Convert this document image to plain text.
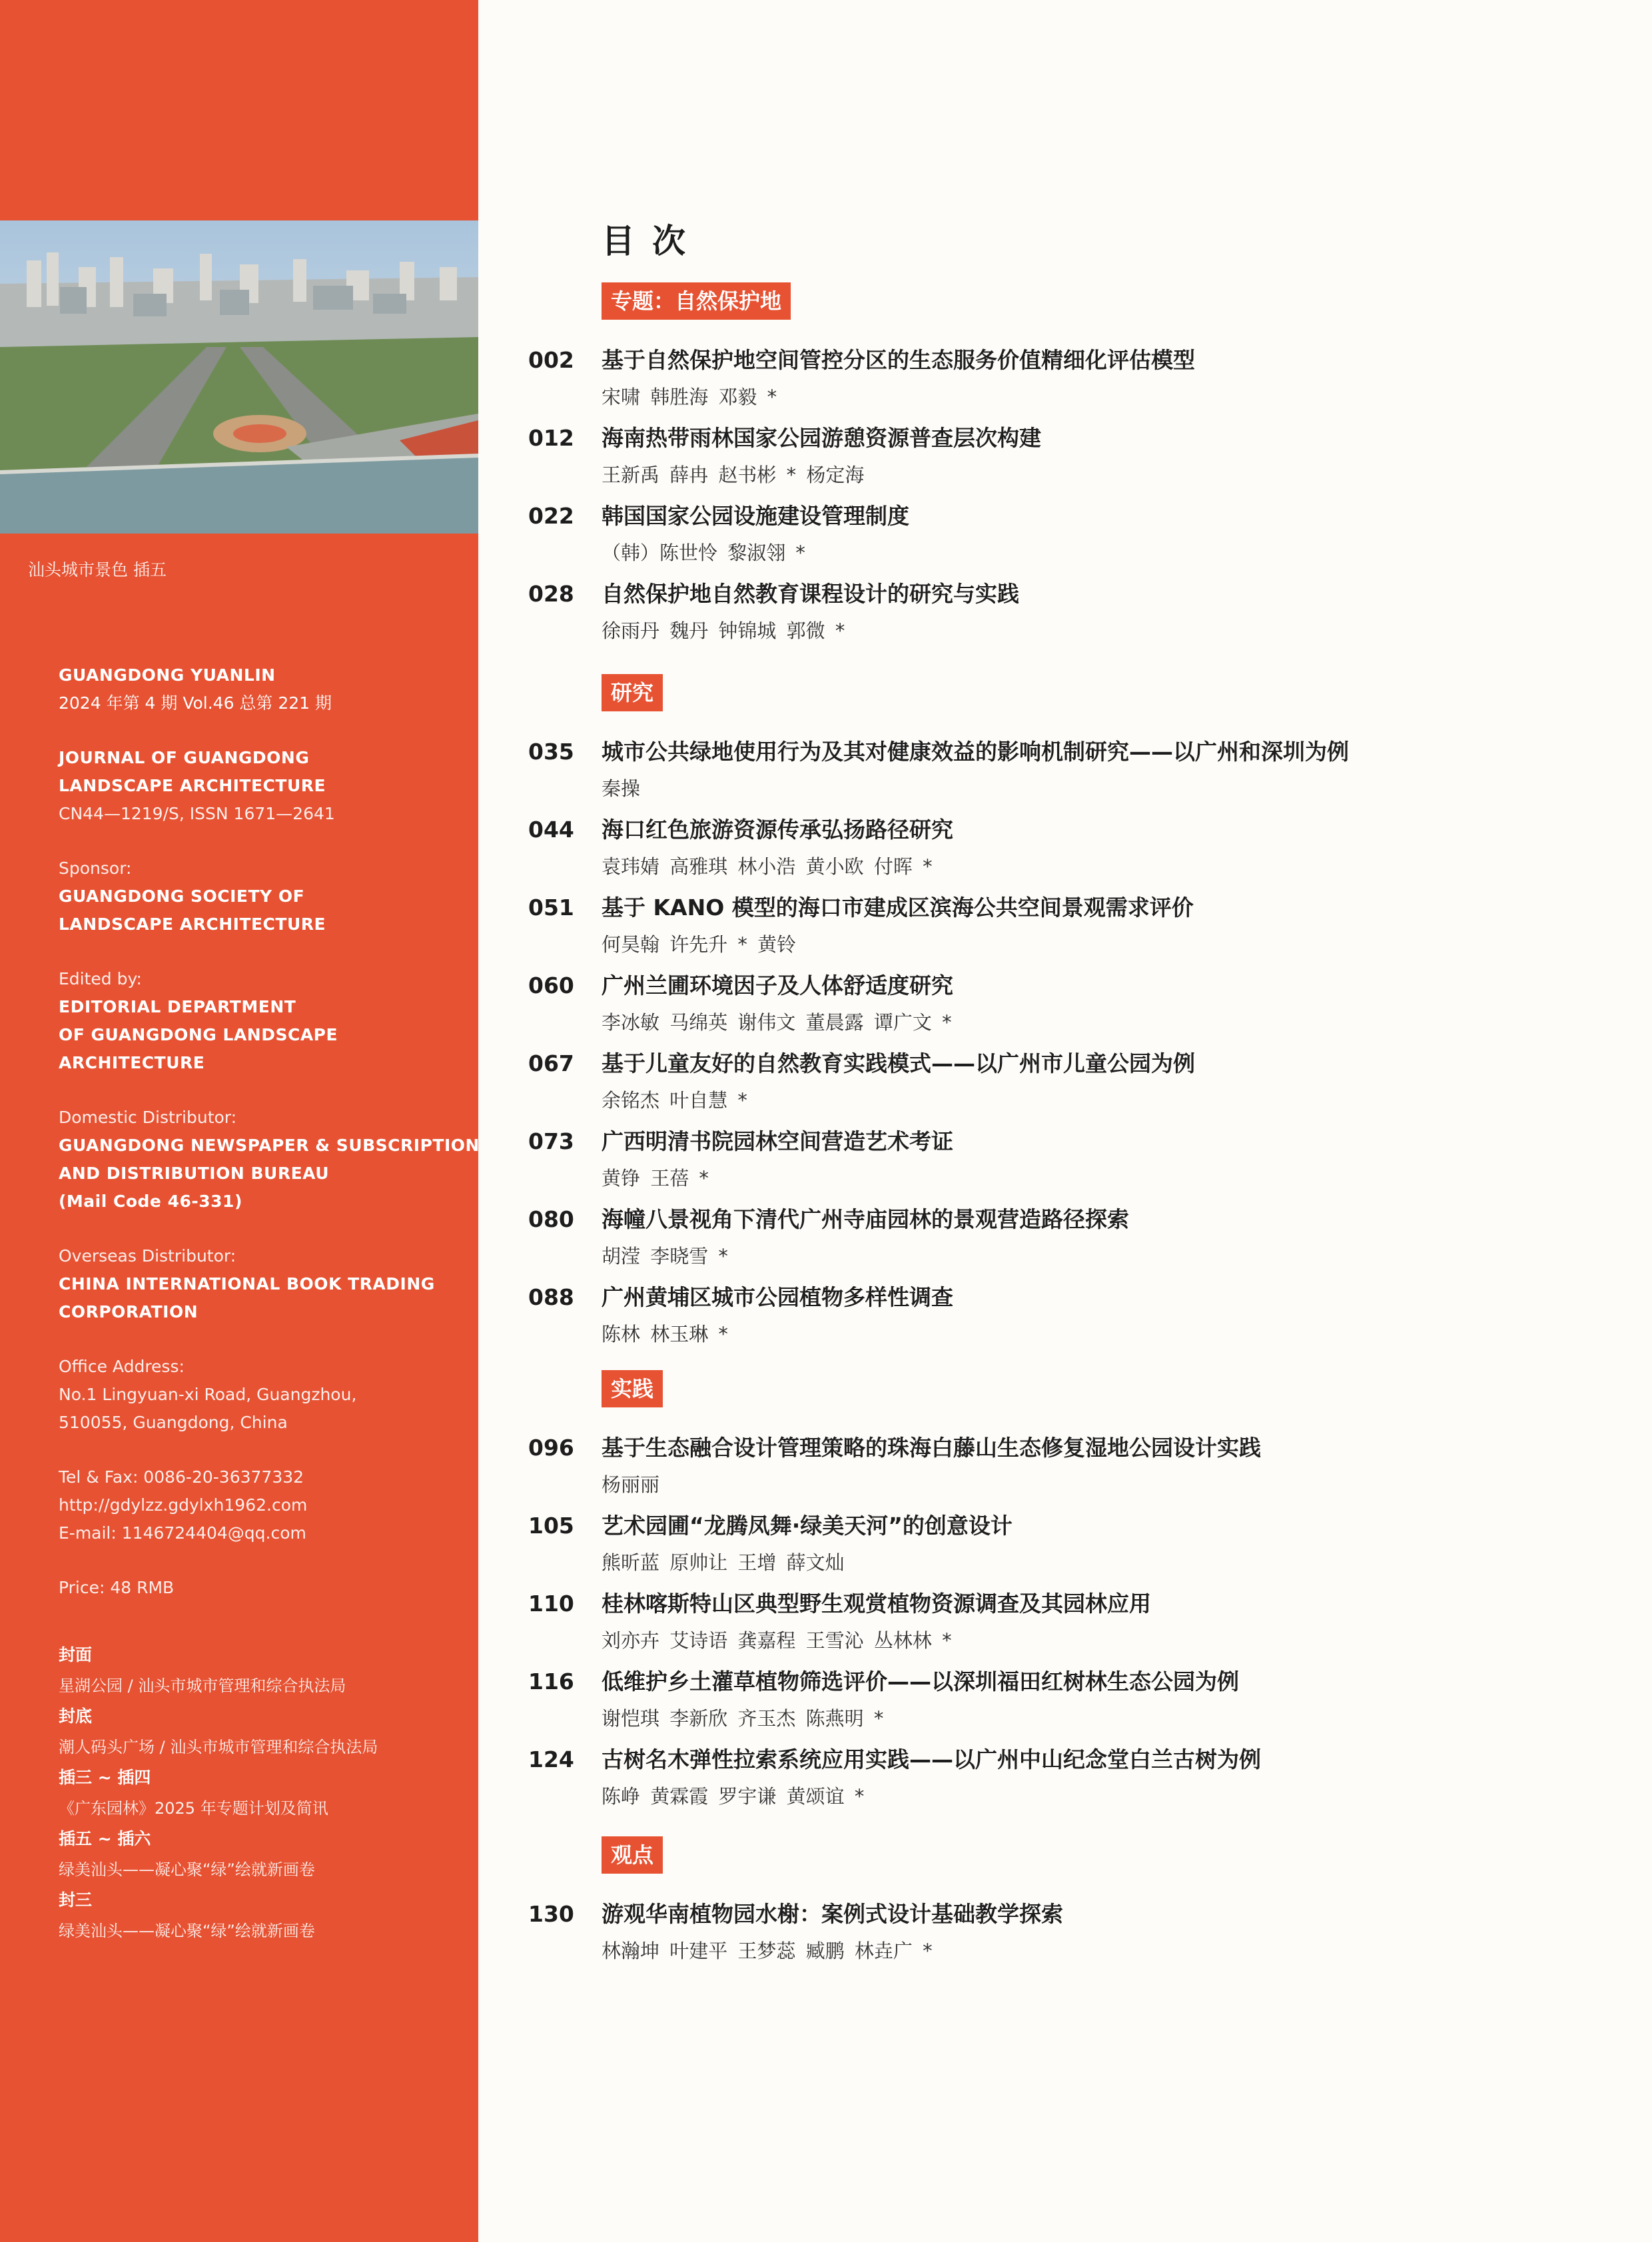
汕头城市景色 插五
GUANGDONG YUANLIN
2024 年第 4 期 Vol.46 总第 221 期
JOURNAL OF GUANGDONG
LANDSCAPE ARCHITECTURE
CN44—1219/S, ISSN 1671—2641
Sponsor:
GUANGDONG SOCIETY OF
LANDSCAPE ARCHITECTURE
Edited by:
EDITORIAL DEPARTMENT
OF GUANGDONG LANDSCAPE
ARCHITECTURE
Domestic Distributor:
GUANGDONG NEWSPAPER & SUBSCRIPTION
AND DISTRIBUTION BUREAU
(Mail Code 46-331)
Overseas Distributor:
CHINA INTERNATIONAL BOOK TRADING
CORPORATION
Office Address:
No.1 Lingyuan-xi Road, Guangzhou,
510055, Guangdong, China
Tel & Fax: 0086-20-36377332
http://gdylzz.gdylxh1962.com
E-mail: 1146724404@qq.com
Price: 48 RMB
封面
星湖公园 / 汕头市城市管理和综合执法局
封底
潮人码头广场 / 汕头市城市管理和综合执法局
插三 ~ 插四
《广东园林》2025 年专题计划及简讯
插五 ~ 插六
绿美汕头——凝心聚“绿”绘就新画卷
封三
绿美汕头——凝心聚“绿”绘就新画卷
目次
专题：自然保护地
002 基于自然保护地空间管控分区的生态服务价值精细化评估模型
宋啸 韩胜海 邓毅 *
012 海南热带雨林国家公园游憩资源普查层次构建
王新禹 薛冉 赵书彬 * 杨定海
022 韩国国家公园设施建设管理制度
（韩）陈世怜 黎淑翎 *
028 自然保护地自然教育课程设计的研究与实践
徐雨丹 魏丹 钟锦城 郭微 *
研究
035 城市公共绿地使用行为及其对健康效益的影响机制研究——以广州和深圳为例
秦操
044 海口红色旅游资源传承弘扬路径研究
袁玮婧 高雅琪 林小浩 黄小欧 付晖 *
051 基于 KANO 模型的海口市建成区滨海公共空间景观需求评价
何昊翰 许先升 * 黄铃
060 广州兰圃环境因子及人体舒适度研究
李冰敏 马绵英 谢伟文 董晨露 谭广文 *
067 基于儿童友好的自然教育实践模式——以广州市儿童公园为例
余铭杰 叶自慧 *
073 广西明清书院园林空间营造艺术考证
黄铮 王蓓 *
080 海幢八景视角下清代广州寺庙园林的景观营造路径探索
胡滢 李晓雪 *
088 广州黄埔区城市公园植物多样性调查
陈林 林玉琳 *
实践
096 基于生态融合设计管理策略的珠海白藤山生态修复湿地公园设计实践
杨丽丽
105 艺术园圃“龙腾凤舞·绿美天河”的创意设计
熊昕蓝 原帅让 王增 薛文灿
110 桂林喀斯特山区典型野生观赏植物资源调查及其园林应用
刘亦卉 艾诗语 龚嘉程 王雪沁 丛林林 *
116 低维护乡土灌草植物筛选评价——以深圳福田红树林生态公园为例
谢恺琪 李新欣 齐玉杰 陈燕明 *
124 古树名木弹性拉索系统应用实践——以广州中山纪念堂白兰古树为例
陈峥 黄霖霞 罗宇谦 黄颂谊 *
观点
130 游观华南植物园水榭：案例式设计基础教学探索
林瀚坤 叶建平 王梦蕊 臧鹏 林垚广 *
